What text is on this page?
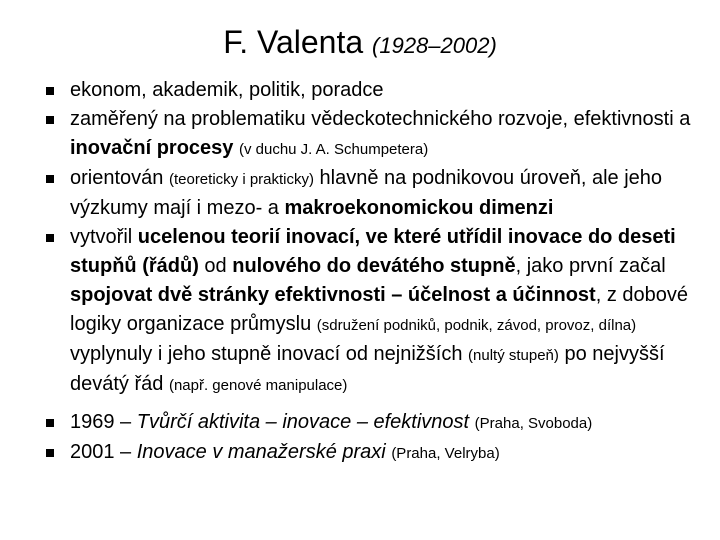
F. Valenta (1928–2002)
ekonom, akademik, politik, poradce
zaměřený na problematiku vědeckotechnického rozvoje, efektivnosti a inovační procesy (v duchu J. A. Schumpetera)
orientován (teoreticky i prakticky) hlavně na podnikovou úroveň, ale jeho výzkumy mají i mezo- a makroekonomickou dimenzi
vytvořil ucelenou teorií inovací, ve které utřídil inovace do deseti stupňů (řádů) od nulového do devátého stupně, jako první začal spojovat dvě stránky efektivnosti – účelnost a účinnost, z dobové logiky organizace průmyslu (sdružení podniků, podnik, závod, provoz, dílna) vyplynuly i jeho stupně inovací od nejnižších (nultý stupeň) po nejvyšší devátý řád (např. genové manipulace)
1969 – Tvůrčí aktivita – inovace – efektivnost (Praha, Svoboda)
2001 – Inovace v manažerské praxi (Praha, Velryba)
